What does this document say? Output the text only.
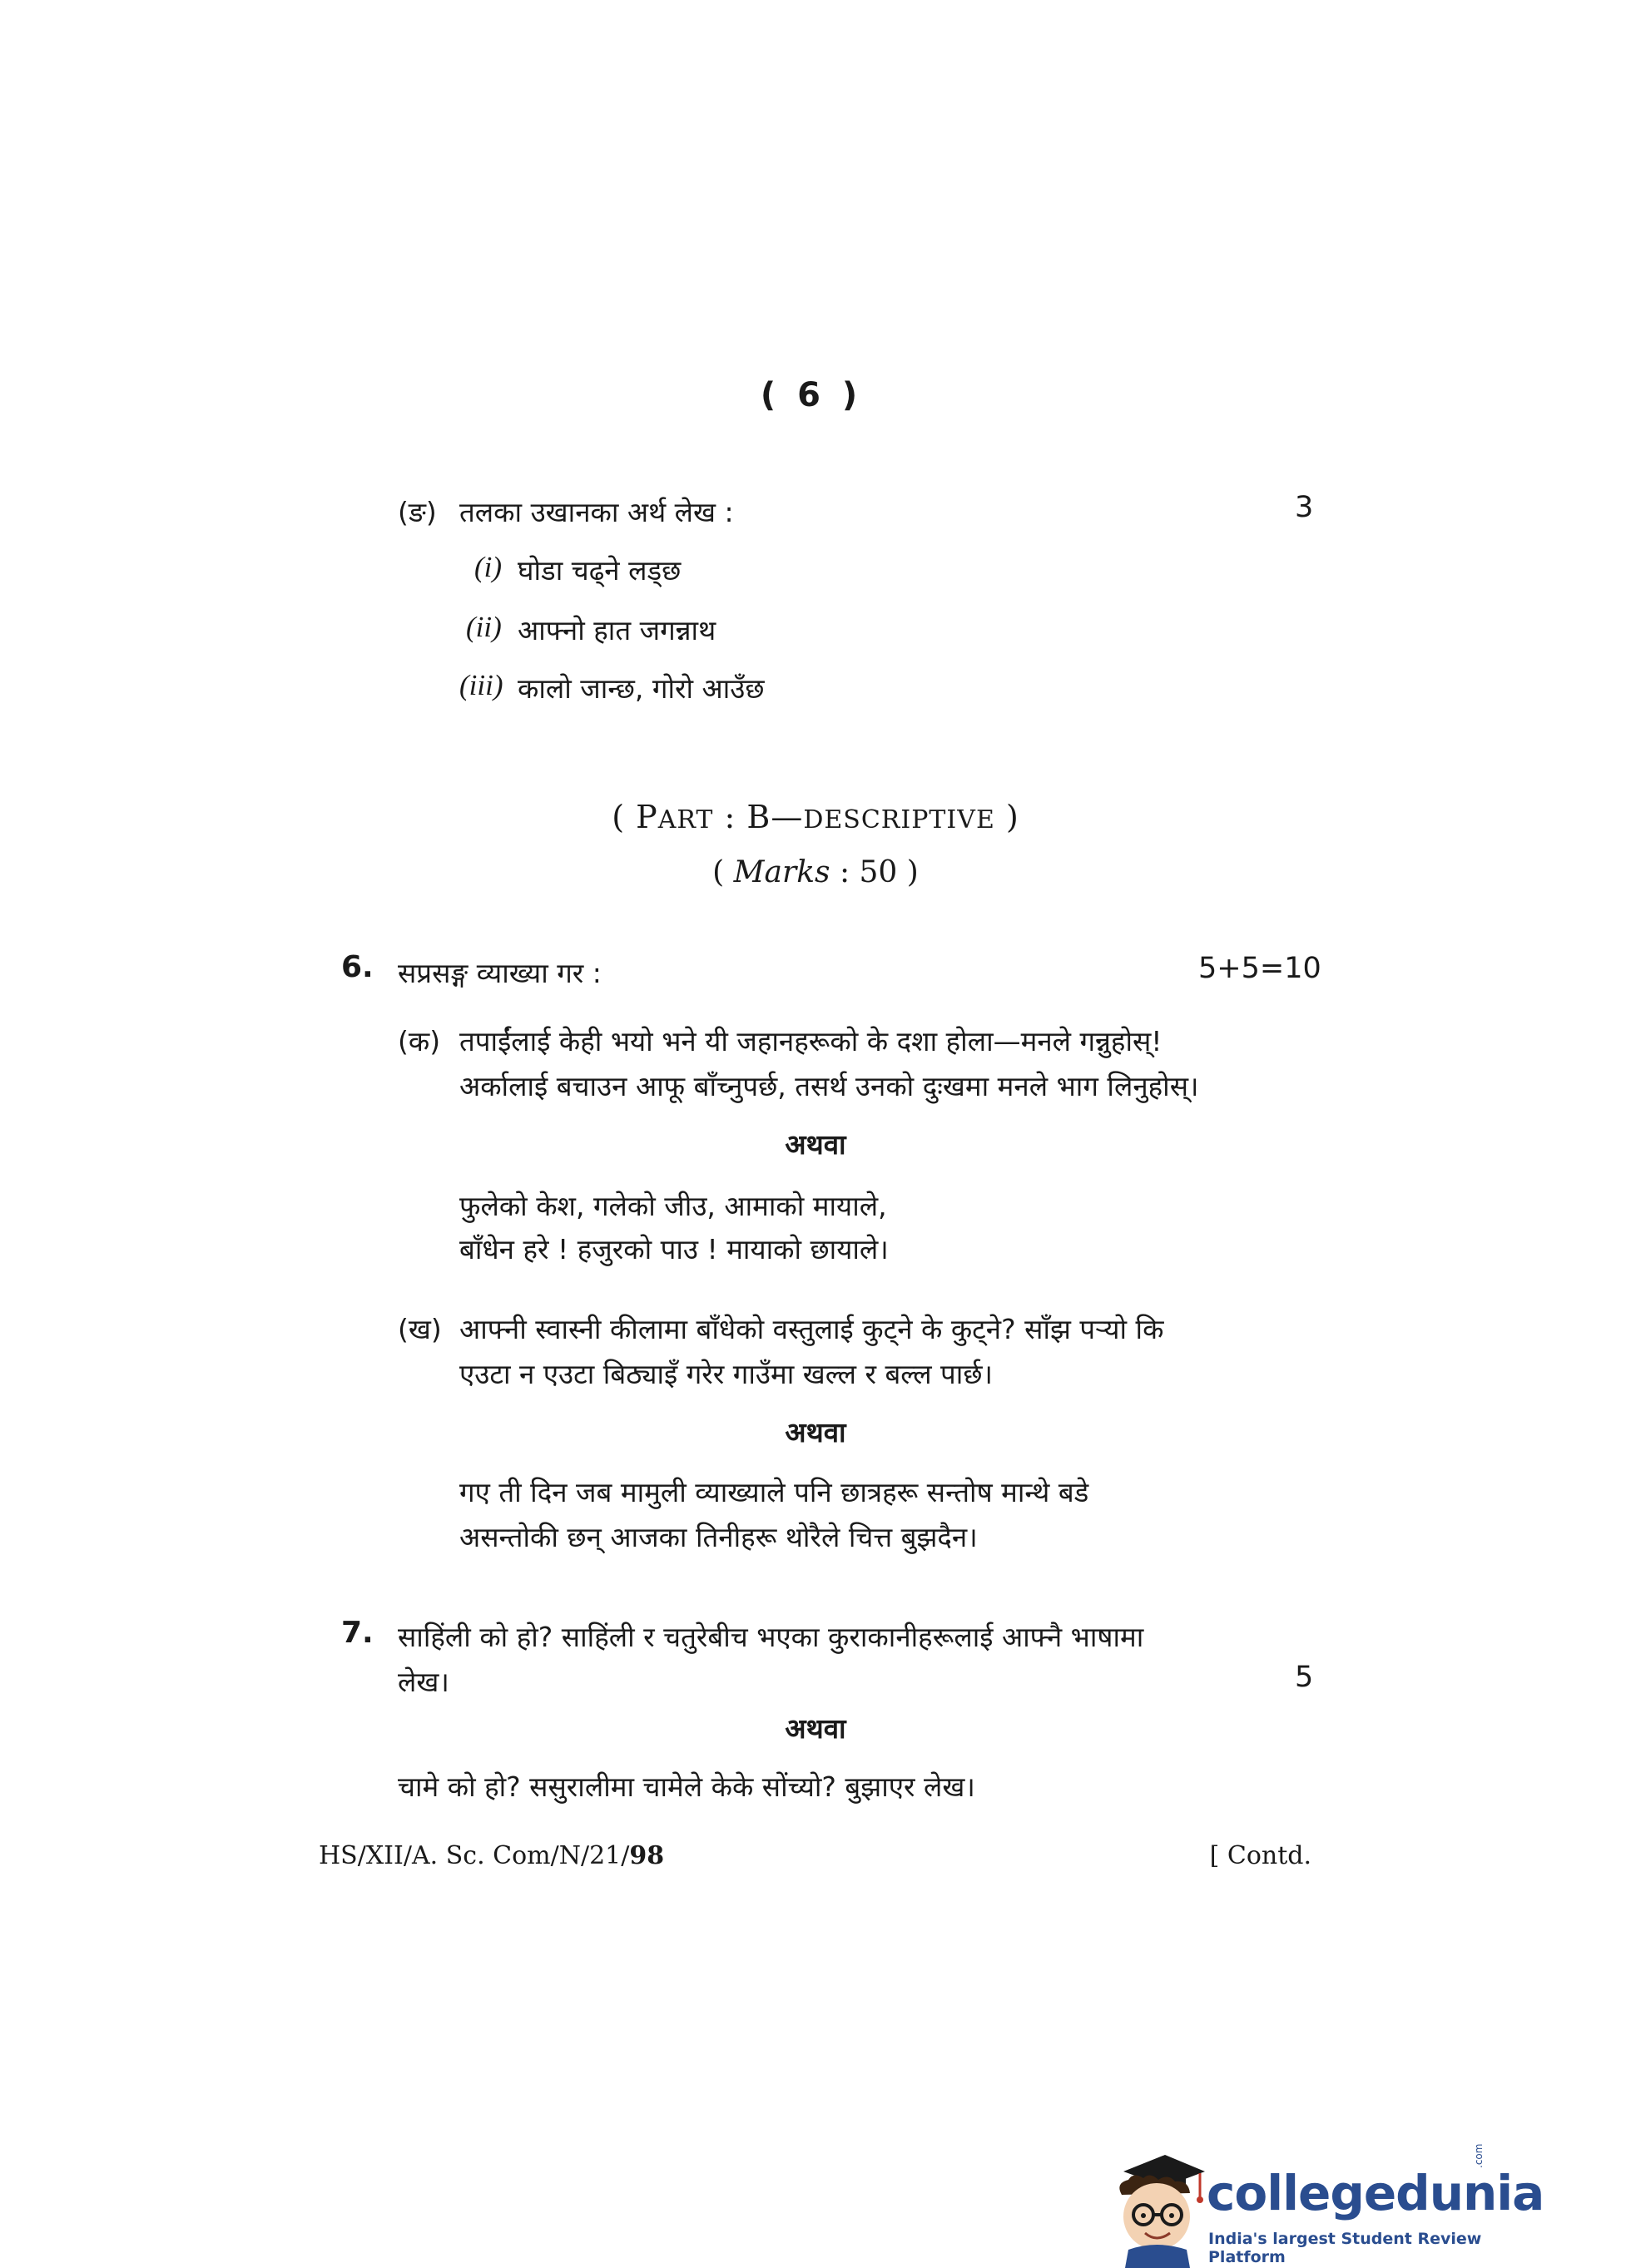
( 6 )
(ङ) तलका उखानका अर्थ लेख :	3
(i) घोडा चढ्ने लड्छ
(ii) आफ्नो हात जगन्नाथ
(iii) कालो जान्छ, गोरो आउँछ
( PART : B—DESCRIPTIVE )
( Marks : 50 )
6. सप्रसङ्ग व्याख्या गर :	5+5=10
(क) तपाईंलाई केही भयो भने यी जहानहरूको के दशा होला—मनले गन्नुहोस्!
अर्कालाई बचाउन आफू बाँच्नुपर्छ, तसर्थ उनको दुःखमा मनले भाग लिनुहोस्।
अथवा
फुलेको केश, गलेको जीउ, आमाको मायाले,
बाँधेन हरे ! हजुरको पाउ ! मायाको छायाले।
(ख) आफ्नी स्वास्नी कीलामा बाँधेको वस्तुलाई कुट्ने के कुट्ने? साँझ पर्‍यो कि
एउटा न एउटा बिठ्याइँ गरेर गाउँमा खल्ल र बल्ल पार्छ।
अथवा
गए ती दिन जब मामुली व्याख्याले पनि छात्रहरू सन्तोष मान्थे बडे
असन्तोकी छन् आजका तिनीहरू थोरैले चित्त बुझदैन।
7. साहिंली को हो? साहिंली र चतुरेबीच भएका कुराकानीहरूलाई आफ्नै भाषामा
लेख।	5
अथवा
चामे को हो? ससुरालीमा चामेले केके सोंच्यो? बुझाएर लेख।
HS/XII/A. Sc. Com/N/21/98	[ Contd.
collegedunia
.com
India's largest Student Review Platform
